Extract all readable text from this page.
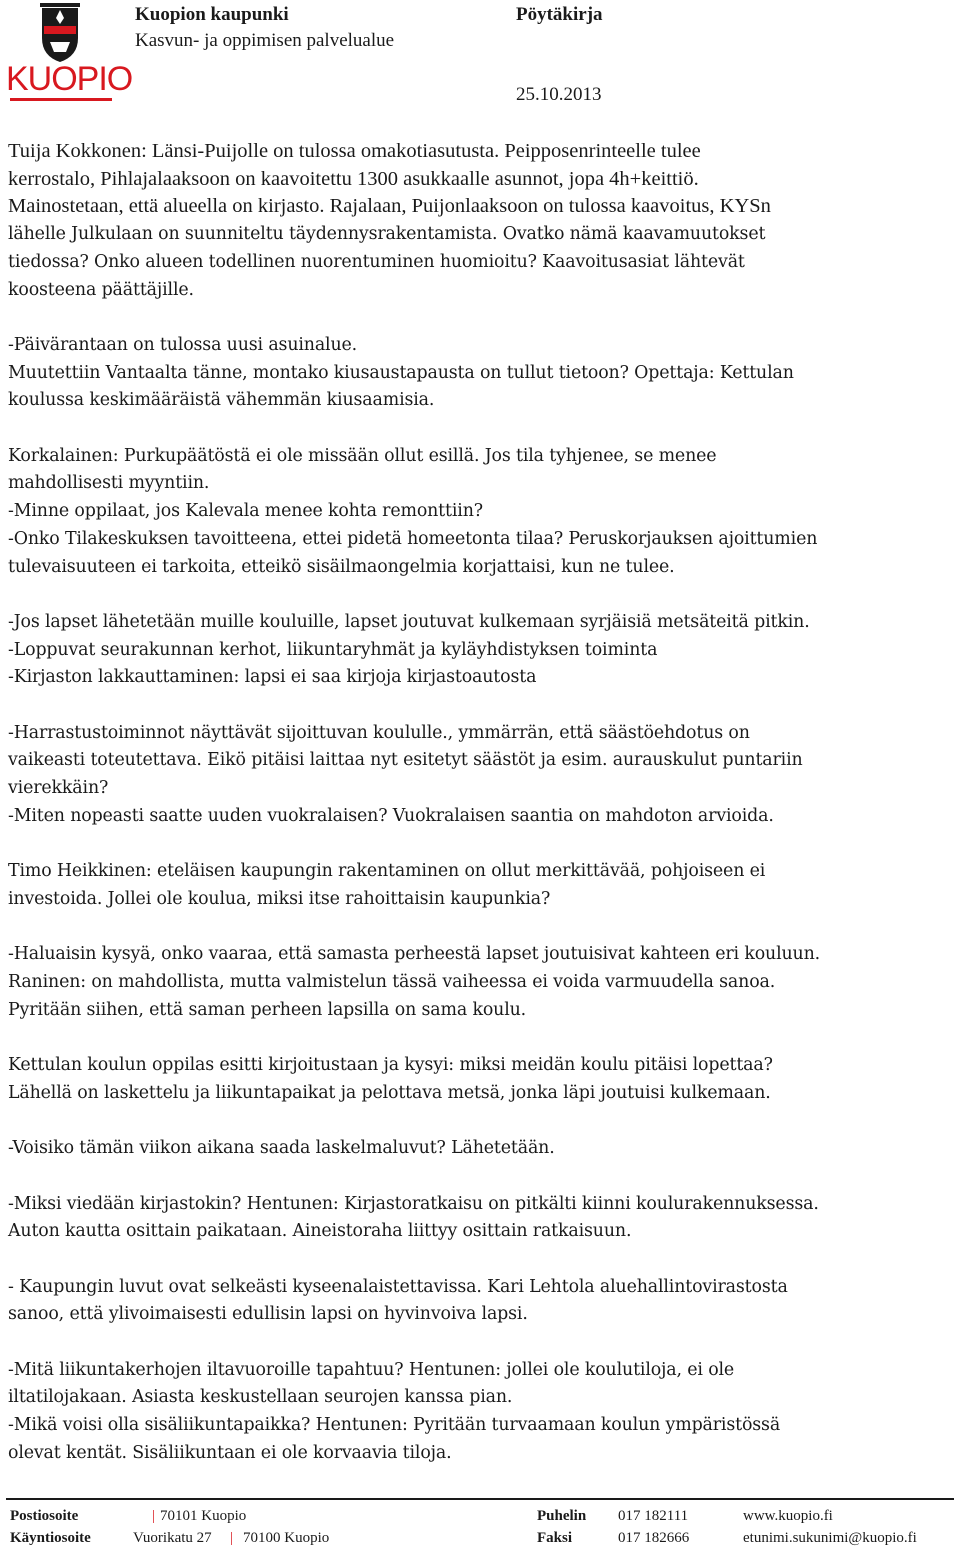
KUOPIO
Kuopion kaupunki
Kasvun- ja oppimisen palvelualue
Pöytäkirja
25.10.2013

Tuija Kokkonen: Länsi-Puijolle on tulossa omakotiasutusta. Peipposenrinteelle tulee

kerrostalo, Pihlajalaaksoon on kaavoitettu 1300 asukkaalle asunnot, jopa 4h+keittiö.

Mainostetaan, että alueella on kirjasto. Rajalaan, Puijonlaaksoon on tulossa kaavoitus, KYSn

lähelle Julkulaan on suunniteltu täydennysrakentamista. Ovatko nämä kaavamuutokset

tiedossa? Onko alueen todellinen nuorentuminen huomioitu? Kaavoitusasiat lähtevät

koosteena päättäjille.

-Päivärantaan on tulossa uusi asuinalue.

Muutettiin Vantaalta tänne, montako kiusaustapausta on tullut tietoon? Opettaja: Kettulan

koulussa keskimääräistä vähemmän kiusaamisia.

Korkalainen: Purkupäätöstä ei ole missään ollut esillä. Jos tila tyhjenee, se menee

mahdollisesti myyntiin.

-Minne oppilaat, jos Kalevala menee kohta remonttiin?

-Onko Tilakeskuksen tavoitteena, ettei pidetä homeetonta tilaa? Peruskorjauksen ajoittumien

tulevaisuuteen ei tarkoita, etteikö sisäilmaongelmia korjattaisi, kun ne tulee.

-Jos lapset lähetetään muille kouluille, lapset joutuvat kulkemaan syrjäisiä metsäteitä pitkin.

-Loppuvat seurakunnan kerhot, liikuntaryhmät ja kyläyhdistyksen toiminta

-Kirjaston lakkauttaminen: lapsi ei saa kirjoja kirjastoautosta

-Harrastustoiminnot näyttävät sijoittuvan koululle., ymmärrän, että säästöehdotus on

vaikeasti toteutettava. Eikö pitäisi laittaa nyt esitetyt säästöt ja esim. aurauskulut puntariin

vierekkäin?

-Miten nopeasti saatte uuden vuokralaisen? Vuokralaisen saantia on mahdoton arvioida.

Timo Heikkinen: eteläisen kaupungin rakentaminen on ollut merkittävää, pohjoiseen ei

investoida. Jollei ole koulua, miksi itse rahoittaisin kaupunkia?

-Haluaisin kysyä, onko vaaraa, että samasta perheestä lapset joutuisivat kahteen eri kouluun.

Raninen: on mahdollista, mutta valmistelun tässä vaiheessa ei voida varmuudella sanoa.

Pyritään siihen, että saman perheen lapsilla on sama koulu.

Kettulan koulun oppilas esitti kirjoitustaan ja kysyi: miksi meidän koulu pitäisi lopettaa?

Lähellä on laskettelu ja liikuntapaikat ja pelottava metsä, jonka läpi joutuisi kulkemaan.

-Voisiko tämän viikon aikana saada laskelmaluvut? Lähetetään.

-Miksi viedään kirjastokin? Hentunen: Kirjastoratkaisu on pitkälti kiinni koulurakennuksessa.

Auton kautta osittain paikataan. Aineistoraha liittyy osittain ratkaisuun.

- Kaupungin luvut ovat selkeästi kyseenalaistettavissa. Kari Lehtola aluehallintovirastosta

sanoo, että ylivoimaisesti edullisin lapsi on hyvinvoiva lapsi.

-Mitä liikuntakerhojen iltavuoroille tapahtuu? Hentunen: jollei ole koulutiloja, ei ole

iltatilojakaan. Asiasta keskustellaan seurojen kanssa pian.

-Mikä voisi olla sisäliikuntapaikka? Hentunen: Pyritään turvaamaan koulun ympäristössä

olevat kentät. Sisäliikuntaan ei ole korvaavia tiloja.

Postiosoite	| 70101 Kuopio	Puhelin 017 182111	www.kuopio.fi
Käyntiosoite	Vuorikatu 27 | 70100 Kuopio	Faksi	017 182666	etunimi.sukunimi@kuopio.fi
